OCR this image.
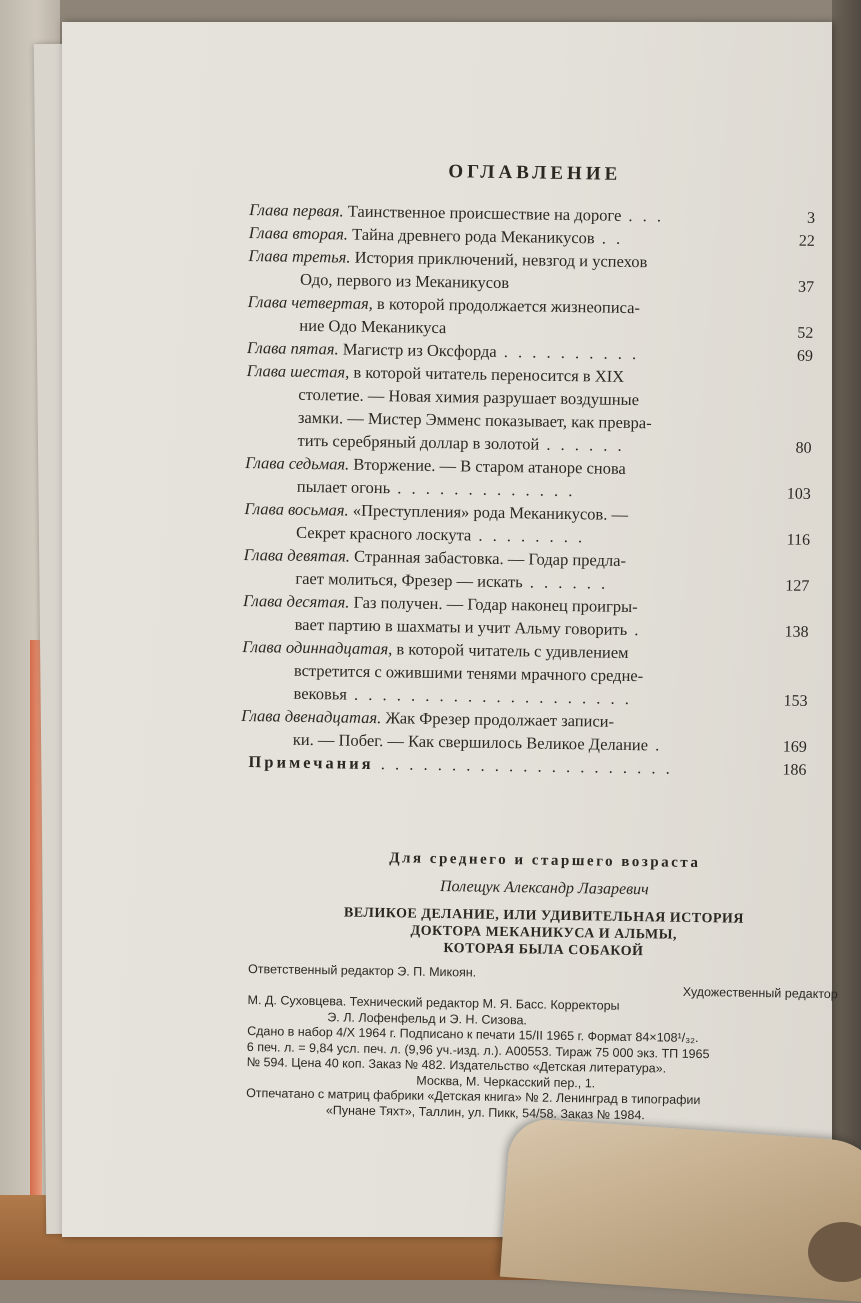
ОГЛАВЛЕНИЕ
Глава первая. Таинственное происшествие на дороге . . .	3
Глава вторая. Тайна древнего рода Меканикусов . .	22
Глава третья. История приключений, невзгод и успехов
Одо, первого из Меканикусов	37
Глава четвертая, в которой продолжается жизнеописа-
ние Одо Меканикуса	52
Глава пятая. Магистр из Оксфорда . . . . . . . . . .	69
Глава шестая, в которой читатель переносится в XIX
столетие. — Новая химия разрушает воздушные
замки. — Мистер Эмменс показывает, как превра-
тить серебряный доллар в золотой . . . . . .	80
Глава седьмая. Вторжение. — В старом атаноре снова
пылает огонь . . . . . . . . . . . . .	103
Глава восьмая. «Преступления» рода Меканикусов. —
Секрет красного лоскута . . . . . . . .	116
Глава девятая. Странная забастовка. — Годар предла-
гает молиться, Фрезер — искать . . . . . .	127
Глава десятая. Газ получен. — Годар наконец проигры-
вает партию в шахматы и учит Альму говорить .	138
Глава одиннадцатая, в которой читатель с удивлением
встретится с ожившими тенями мрачного средне-
вековья . . . . . . . . . . . . . . . . . . . .	153
Глава двенадцатая. Жак Фрезер продолжает записи-
ки. — Побег. — Как свершилось Великое Делание .	169
Примечания . . . . . . . . . . . . . . . . . . . . .	186
Для среднего и старшего возраста
Полещук Александр Лазаревич
ВЕЛИКОЕ ДЕЛАНИЕ, ИЛИ УДИВИТЕЛЬНАЯ ИСТОРИЯ
ДОКТОРА МЕКАНИКУСА И АЛЬМЫ,
КОТОРАЯ БЫЛА СОБАКОЙ
Ответственный редактор Э. П. Микоян.
Художественный редактор
М. Д. Суховцева. Технический редактор М. Я. Басс. Корректоры
Э. Л. Лофенфельд и Э. Н. Сизова.
Сдано в набор 4/X 1964 г. Подписано к печати 15/II 1965 г. Формат 84×108¹/₃₂.
6 печ. л. = 9,84 усл. печ. л. (9,96 уч.-изд. л.). А00553. Тираж 75 000 экз. ТП 1965
№ 594. Цена 40 коп. Заказ № 482. Издательство «Детская литература».
Москва, М. Черкасский пер., 1.
Отпечатано с матриц фабрики «Детская книга» № 2. Ленинград в типографии
«Пунане Тяхт», Таллин, ул. Пикк, 54/58. Заказ № 1984.
